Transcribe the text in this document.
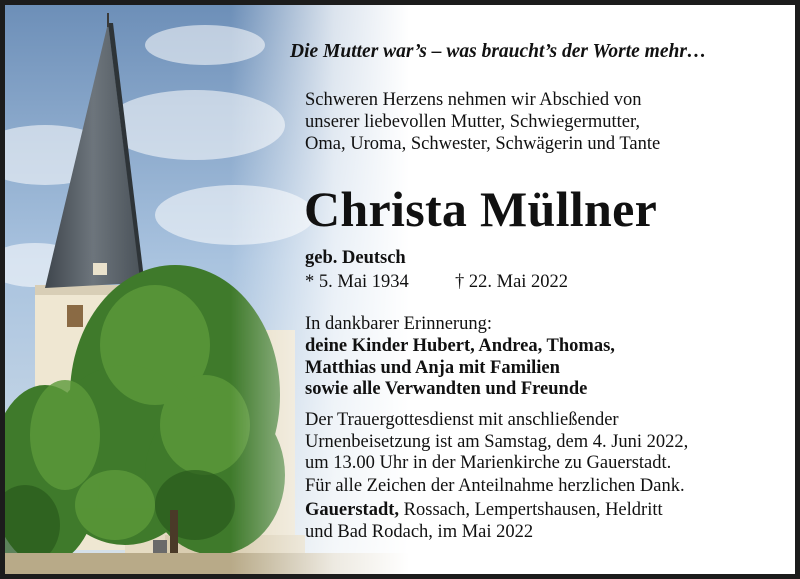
Die Mutter war’s – was braucht’s der Worte mehr…

Schweren Herzens nehmen wir Abschied von
unserer liebevollen Mutter, Schwiegermutter,
Oma, Uroma, Schwester, Schwägerin und Tante
Christa Müllner
geb. Deutsch
* 5. Mai 1934 † 22. Mai 2022
In dankbarer Erinnerung:
deine Kinder Hubert, Andrea, Thomas,
Matthias und Anja mit Familien
sowie alle Verwandten und Freunde
Der Trauergottesdienst mit anschließender
Urnenbeisetzung ist am Samstag, dem 4. Juni 2022,
um 13.00 Uhr in der Marienkirche zu Gauerstadt.
Für alle Zeichen der Anteilnahme herzlichen Dank.
Gauerstadt, Rossach, Lempertshausen, Heldritt
und Bad Rodach, im Mai 2022
